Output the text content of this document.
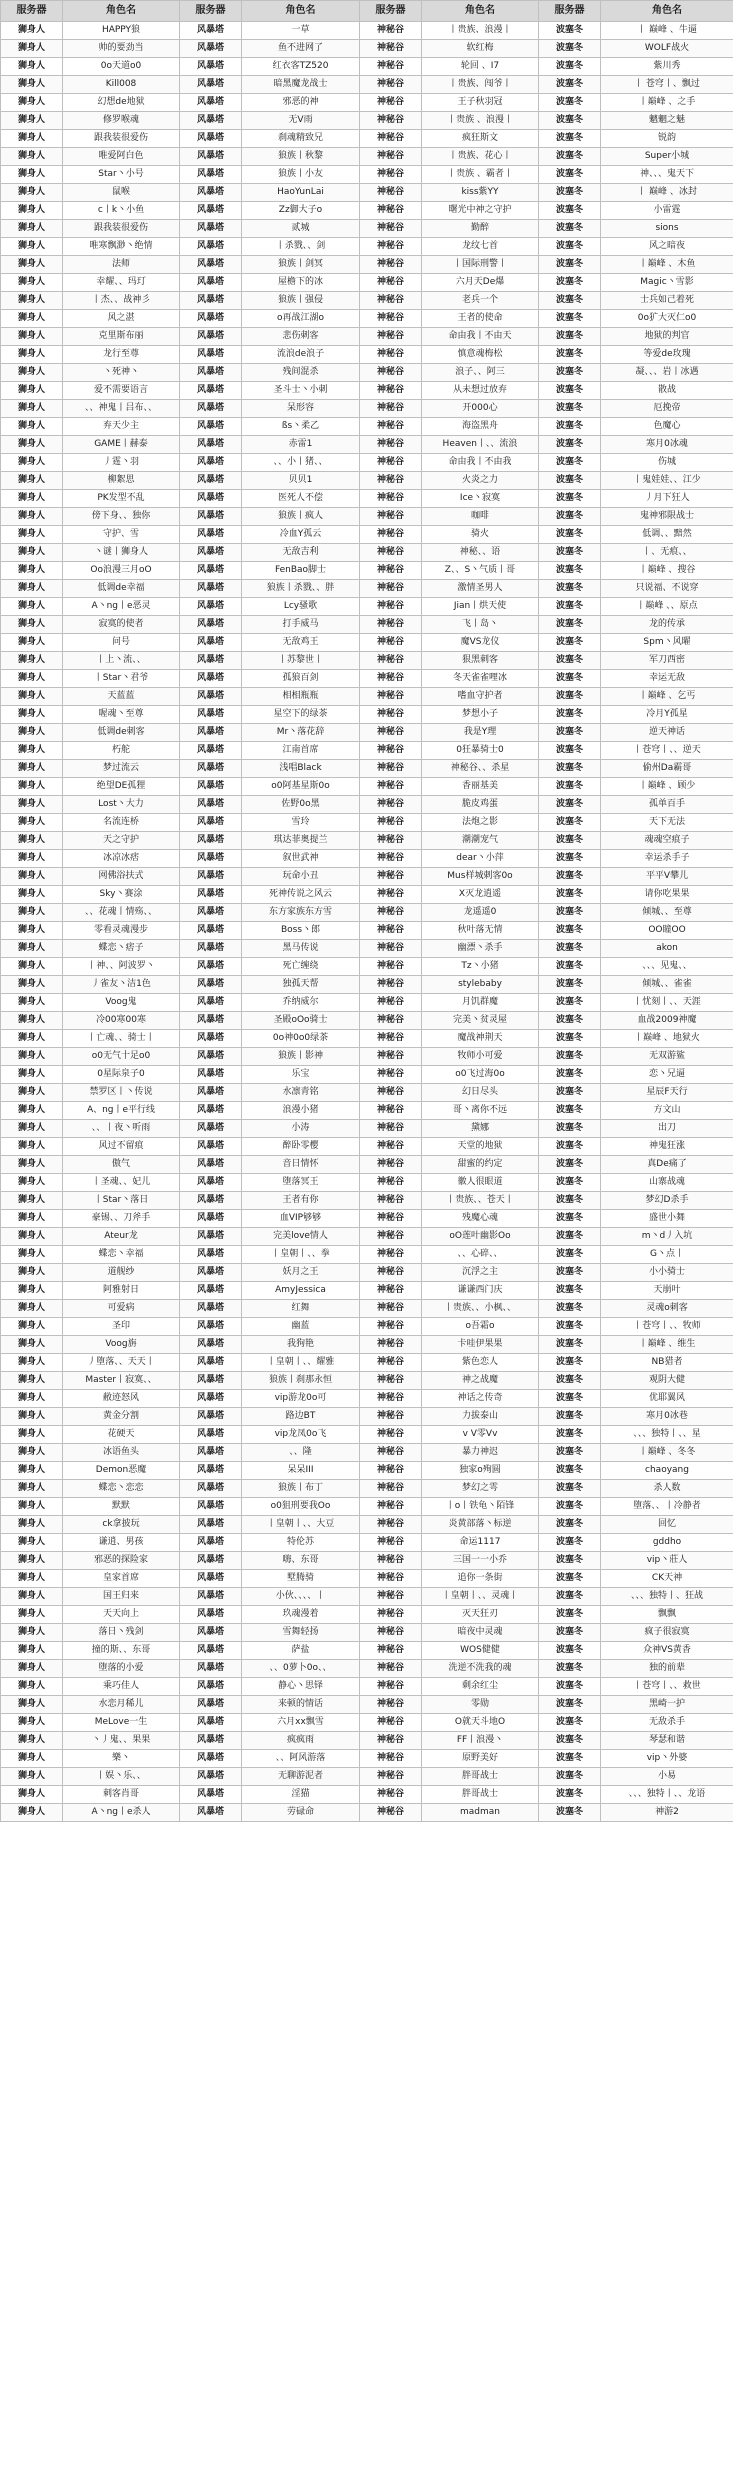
服务器	角色名	服务器	角色名	服务器	角色名	服务器	角色名
狮身人	HAPPY狼	风暴塔	一草	神秘谷	丨贵族、浪漫丨	波塞冬	丨 巅峰 、牛逼
狮身人	帅的要劲当	风暴塔	鱼不进网了	神秘谷	软红梅	波塞冬	WOLF战火
狮身人	0o天道o0	风暴塔	红衣客TZ520	神秘谷	轮回 、I7	波塞冬	紫川秀
狮身人	Kill008	风暴塔	暗黑魔龙战士	神秘谷	丨贵族、闯爷丨	波塞冬	丨 苍穹丨、飘过
狮身人	幻想de地狱	风暴塔	邪恶的神	神秘谷	王子秋羽冠	波塞冬	丨巅峰 、之手
狮身人	修罗喉魂	风暴塔	无V雨	神秘谷	丨贵族 、浪漫丨	波塞冬	魑魍之魅
狮身人	跟我装很爱伤	风暴塔	刹魂精致兄	神秘谷	疯狂斯文	波塞冬	锐韵
狮身人	唯爱阿白色	风暴塔	狼族丨秋黎	神秘谷	丨贵族、花心丨	波塞冬	Super小城
狮身人	Star丶小号	风暴塔	狼族丨小友	神秘谷	丨贵族 、霸者丨	波塞冬	神、、、鬼天下
狮身人	鼠喉	风暴塔	HaoYunLai	神秘谷	kiss紫YY	波塞冬	丨 巅峰 、冰封
狮身人	c丨k丶小鱼	风暴塔	Zz御大子o	神秘谷	曙光中神之守护	波塞冬	小雷霆
狮身人	跟我装很爱伤	风暴塔	贰城	神秘谷	勤醉	波塞冬	sions
狮身人	唯寒飘渺丶绝情	风暴塔	丨杀戮、、剑	神秘谷	龙纹七首	波塞冬	风之暗夜
狮身人	法师	风暴塔	狼族丨剑冥	神秘谷	丨国际刑警丨	波塞冬	丨巅峰 、木鱼
狮身人	幸耀、、玛玎	风暴塔	屋檐下的冰	神秘谷	六月天De爆	波塞冬	Magic丶雪影
狮身人	丨杰、、战神彡	风暴塔	狼族丨强侵	神秘谷	老兵一个	波塞冬	士兵如己着死
狮身人	风之湛	风暴塔	o再战江湖o	神秘谷	王者的使命	波塞冬	0o犷大灭仁o0
狮身人	克里斯布丽	风暴塔	悲伤刺客	神秘谷	命由我丨不由天	波塞冬	地狱的判官
狮身人	龙行至尊	风暴塔	流浪de浪子	神秘谷	慎意魂梅松	波塞冬	等爱de玫瑰
狮身人	丶死神丶	风暴塔	残间混杀	神秘谷	浪子、、阿三	波塞冬	凝、、、岩丨冰遇
狮身人	爱不需要语言	风暴塔	圣斗士丶小刺	神秘谷	从未想过放弃	波塞冬	散战
狮身人	、、神鬼丨吕布、、	风暴塔	呆形容	神秘谷	开000心	波塞冬	厄挽帝
狮身人	弃天少主	风暴塔	ßs丶柔乙	神秘谷	海盗黑舟	波塞冬	色魔心
狮身人	GAME丨赫泰	风暴塔	赤雷1	神秘谷	Heaven丨、、流浪	波塞冬	寒月0冰魂
狮身人	丿霆丶羽	风暴塔	、、小丨猪、、	神秘谷	命由我丨不由我	波塞冬	伤城
狮身人	柳絮思	风暴塔	贝贝1	神秘谷	火炎之力	波塞冬	丨鬼娃娃、、江少
狮身人	PK发型不乱	风暴塔	医死人不偿	神秘谷	Ice丶寂寞	波塞冬	丿月下狂人
狮身人	傍下身、、独你	风暴塔	狼族丨疯人	神秘谷	咖啡	波塞冬	鬼神邪限战士
狮身人	守护、雪	风暴塔	冷血Y孤云	神秘谷	骑火	波塞冬	低调、、黯然
狮身人	丶谜丨狮身人	风暴塔	无敌吉利	神秘谷	神秘、、语	波塞冬	丨、无痕、、
狮身人	Oo浪漫三月oO	风暴塔	FenBao脚士	神秘谷	Z、、S丶气质丨哥	波塞冬	丨巅峰 、搜谷
狮身人	低调de幸福	风暴塔	狼族丨杀戮、、胖	神秘谷	激情圣男人	波塞冬	只说福、不说穿
狮身人	A丶ng丨e恶灵	风暴塔	Lcy骚歌	神秘谷	Jian丨烘天使	波塞冬	丨巅峰 、、原点
狮身人	寂寞的使者	风暴塔	打手威马	神秘谷	飞丨岛丶	波塞冬	龙的传承
狮身人	问号	风暴塔	无敌鸡王	神秘谷	魔VS龙仪	波塞冬	Spm丶风曜
狮身人	丨上丶流、、	风暴塔	丨苏黎世丨	神秘谷	狠黑刺客	波塞冬	军刀西密
狮身人	丨Star丶君爷	风暴塔	孤狼百剑	神秘谷	冬天雀雀哩冰	波塞冬	幸运无敌
狮身人	天蓝蓝	风暴塔	相相瓶瓶	神秘谷	嗜血守护者	波塞冬	丨巅峰 、乞丐
狮身人	喔魂丶至尊	风暴塔	星空下的绿茶	神秘谷	梦想小子	波塞冬	冷月Y孤星
狮身人	低调de刺客	风暴塔	Mr丶落花辞	神秘谷	我是Y理	波塞冬	逆天神话
狮身人	朽舵	风暴塔	江南首席	神秘谷	0狂暴骑士0	波塞冬	丨苍穹丨、、逆天
狮身人	梦过流云	风暴塔	浅唱Black	神秘谷	神秘谷、、杀星	波塞冬	偷州Da霸哥
狮身人	绝望DE孤狸	风暴塔	o0阿基星斯0o	神秘谷	香丽基美	波塞冬	丨巅峰 、顾少
狮身人	Lost丶大力	风暴塔	佐野0o黑	神秘谷	脆皮鸡蛋	波塞冬	孤单百手
狮身人	名流连桥	风暴塔	雪玲	神秘谷	法炮之影	波塞冬	天下无法
狮身人	天之守护	风暴塔	琪达菲奥提兰	神秘谷	潮潮宠气	波塞冬	魂魂空痕子
狮身人	冰凉冰痞	风暴塔	叙世武神	神秘谷	dear丶小萍	波塞冬	幸运杀手子
狮身人	网佛浴扶式	风暴塔	玩命小丑	神秘谷	Mus样城剌客0o	波塞冬	平平V攀儿
狮身人	Sky丶赛涂	风暴塔	死神传说之风云	神秘谷	X灭龙逍遥	波塞冬	请你吃果果
狮身人	、、花魂丨情殇、、	风暴塔	东方家族东方雪	神秘谷	龙遥遥0	波塞冬	倾城、、至尊
狮身人	零看灵魂漫步	风暴塔	Boss丶郎	神秘谷	秋叶落无情	波塞冬	OO瞳OO
狮身人	蝶恋丶痞子	风暴塔	黑马传说	神秘谷	幽漂丶杀手	波塞冬	akon
狮身人	丨神、、阿波罗丶	风暴塔	死亡缠绕	神秘谷	Tz丶小猪	波塞冬	、、、见鬼、、
狮身人	丿雀友丶洁1色	风暴塔	独孤天帮	神秘谷	stylebaby	波塞冬	倾城、、雀雀
狮身人	Voog鬼	风暴塔	乔纳威尔	神秘谷	月饥群魔	波塞冬	丨忧刻丨、、天涯
狮身人	冷00寒00寒	风暴塔	圣殿oOo骑士	神秘谷	完美丶贫灵屋	波塞冬	血战2009神魔
狮身人	丨亡魂、、骑士丨	风暴塔	0o神0o0绿茶	神秘谷	魔战神荆天	波塞冬	丨巅峰 、地狱火
狮身人	o0无气十足o0	风暴塔	狼族丨影神	神秘谷	牧师小可爱	波塞冬	无双游鲨
狮身人	0星际泉子0	风暴塔	乐宝	神秘谷	o0飞过海0o	波塞冬	恋丶兄逼
狮身人	禁罗区丨丶传说	风暴塔	水凛青铭	神秘谷	幻日尽头	波塞冬	星辰F天行
狮身人	A、ng丨e平行线	风暴塔	浪漫小猪	神秘谷	哥丶离你不远	波塞冬	方文山
狮身人	、、丨夜丶听雨	风暴塔	小涛	神秘谷	黛娜	波塞冬	出刀
狮身人	风过不留痕	风暴塔	醉卧零樱	神秘谷	天堂的地狱	波塞冬	神鬼狂涨
狮身人	傲气	风暴塔	音日情怀	神秘谷	甜蜜的约定	波塞冬	真De痛了
狮身人	丨圣魂、、妃儿	风暴塔	堕落冥王	神秘谷	徽人很眼道	波塞冬	山寨战魂
狮身人	丨Star丶落日	风暴塔	王者有你	神秘谷	丨贵族、、苍天丨	波塞冬	梦幻D杀手
狮身人	豪锡、、刀斧手	风暴塔	血VIP够够	神秘谷	残魔心魂	波塞冬	盛世小舞
狮身人	Ateur龙	风暴塔	完美love情人	神秘谷	oO莲叶幽影Oo	波塞冬	m丶d丿入坑
狮身人	蝶恋丶幸福	风暴塔	丨皇朝丨、、拳	神秘谷	、、心碎、、	波塞冬	G丶点丨
狮身人	道舰纱	风暴塔	妖月之王	神秘谷	沉浮之主	波塞冬	小小骑士
狮身人	阿雅射日	风暴塔	AmyJessica	神秘谷	谦谦西门庆	波塞冬	天崩叶
狮身人	可爱病	风暴塔	红舞	神秘谷	丨贵族、、小枫、、	波塞冬	灵魂o刺客
狮身人	圣印	风暴塔	幽蓝	神秘谷	o吾霜o	波塞冬	丨苍穹丨、、牧师
狮身人	Voog旃	风暴塔	我狗艳	神秘谷	卡哇伊果果	波塞冬	丨巅峰 、维生
狮身人	丿堕落、、天天丨	风暴塔	丨皇朝丨、、耀雅	神秘谷	紫色恋人	波塞冬	NB猎者
狮身人	Master丨寂寞、、	风暴塔	狼族丨刹那永恒	神秘谷	神之战魔	波塞冬	观阴大健
狮身人	敝迹怒风	风暴塔	vip游龙0o可	神秘谷	神话之传奇	波塞冬	优耶翼风
狮身人	黄金分割	风暴塔	路边BT	神秘谷	力拔泰山	波塞冬	寒月0冰巷
狮身人	花硬天	风暴塔	vip龙凤0o飞	神秘谷	v V零Vv	波塞冬	、、、独特丨、、星
狮身人	冰语鱼头	风暴塔	、、隆	神秘谷	暴力神迟	波塞冬	丨巅峰 、冬冬
狮身人	Demon恶魔	风暴塔	呆呆III	神秘谷	独家o殉圆	波塞冬	chaoyang
狮身人	蝶恋丶恋恋	风暴塔	狼族丨布丁	神秘谷	梦幻之雩	波塞冬	杀人数
狮身人	默默	风暴塔	o0狙刑要我Oo	神秘谷	丨o丨铁龟丶陌锋	波塞冬	堕落、、丨冷静者
狮身人	ck拿披玩	风暴塔	丨皇朝丨、、大豆	神秘谷	炎黄部落丶标逆	波塞冬	回忆
狮身人	谦逍、男孩	风暴塔	特伦苏	神秘谷	命运1117	波塞冬	gddho
狮身人	邪恶的探险家	风暴塔	嗨、东哥	神秘谷	三国一一小乔	波塞冬	vip丶莊人
狮身人	皇家首席	风暴塔	墅腾骑	神秘谷	追你一条街	波塞冬	CK天神
狮身人	国王归来	风暴塔	小伙、、、、丨	神秘谷	丨皇朝丨、、灵魂丨	波塞冬	、、、独特丨、狂战
狮身人	天天向上	风暴塔	玖魂漫着	神秘谷	灭天狂刃	波塞冬	飘飘
狮身人	落日丶残剑	风暴塔	雪舞轻扬	神秘谷	暗夜中灵魂	波塞冬	疯子很寂寞
狮身人	撞的斯、、东哥	风暴塔	萨盐	神秘谷	WOS健健	波塞冬	众神VS黄香
狮身人	堕落的小爱	风暴塔	、、0萝卜0o、、	神秘谷	洗逆不洗我的魂	波塞冬	独的前辈
狮身人	乘巧佳人	风暴塔	静心丶思铎	神秘谷	剩余红尘	波塞冬	丨苍穹丨、、救世
狮身人	水恋月稀儿	风暴塔	来顿的情话	神秘谷	零勋	波塞冬	黑崎一护
狮身人	MeLove一生	风暴塔	六月xx飘雪	神秘谷	O就天斗地O	波塞冬	无敌杀手
狮身人	丶丿鬼、、果果	风暴塔	疯疯雨	神秘谷	FF丨浪漫丶	波塞冬	琴瑟和谐
狮身人	樂丶	风暴塔	、、阿风游落	神秘谷	原野美好	波塞冬	vip丶外婆
狮身人	丨娱丶乐、、	风暴塔	无聊游泥者	神秘谷	胖哥战士	波塞冬	小易
狮身人	刺客肖哥	风暴塔	淫猫	神秘谷	胖哥战士	波塞冬	、、、独特丨、、龙语
狮身人	A丶ng丨e杀人	风暴塔	劳碌命	神秘谷	madman	波塞冬	神游2
